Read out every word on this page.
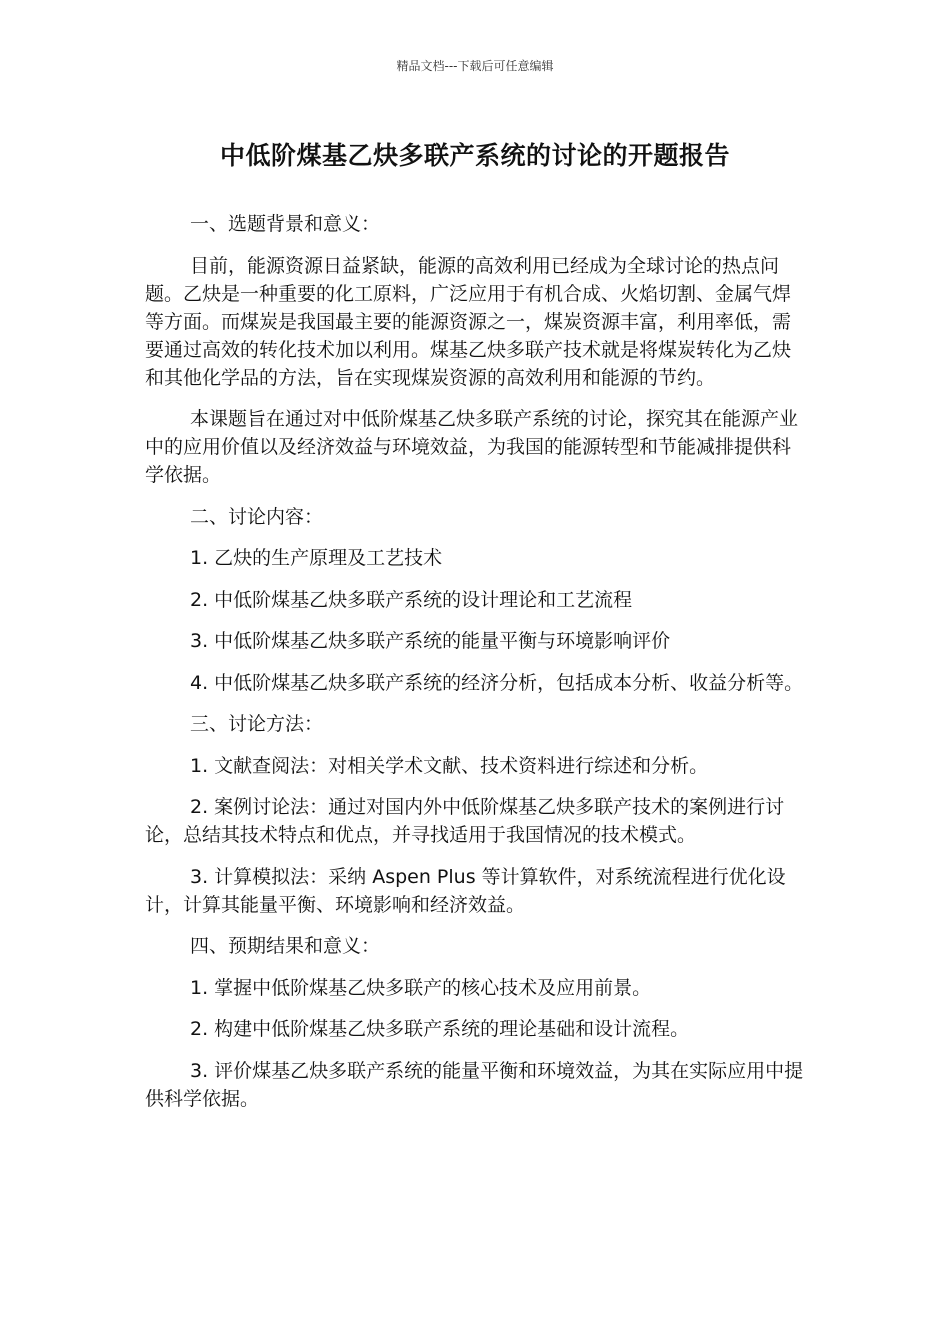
精品文档---下载后可任意编辑
中低阶煤基乙炔多联产系统的讨论的开题报告

一、选题背景和意义：

目前，能源资源日益紧缺，能源的高效利用已经成为全球讨论的热点问题。乙炔是一种重要的化工原料，广泛应用于有机合成、火焰切割、金属气焊等方面。而煤炭是我国最主要的能源资源之一，煤炭资源丰富，利用率低，需要通过高效的转化技术加以利用。煤基乙炔多联产技术就是将煤炭转化为乙炔和其他化学品的方法，旨在实现煤炭资源的高效利用和能源的节约。

本课题旨在通过对中低阶煤基乙炔多联产系统的讨论，探究其在能源产业中的应用价值以及经济效益与环境效益，为我国的能源转型和节能减排提供科学依据。

二、讨论内容：

1. 乙炔的生产原理及工艺技术

2. 中低阶煤基乙炔多联产系统的设计理论和工艺流程

3. 中低阶煤基乙炔多联产系统的能量平衡与环境影响评价

4. 中低阶煤基乙炔多联产系统的经济分析，包括成本分析、收益分析等。

三、讨论方法：

1. 文献查阅法：对相关学术文献、技术资料进行综述和分析。

2. 案例讨论法：通过对国内外中低阶煤基乙炔多联产技术的案例进行讨论，总结其技术特点和优点，并寻找适用于我国情况的技术模式。

3. 计算模拟法：采纳 Aspen Plus 等计算软件，对系统流程进行优化设计，计算其能量平衡、环境影响和经济效益。

四、预期结果和意义：

1. 掌握中低阶煤基乙炔多联产的核心技术及应用前景。

2. 构建中低阶煤基乙炔多联产系统的理论基础和设计流程。

3. 评价煤基乙炔多联产系统的能量平衡和环境效益，为其在实际应用中提供科学依据。
